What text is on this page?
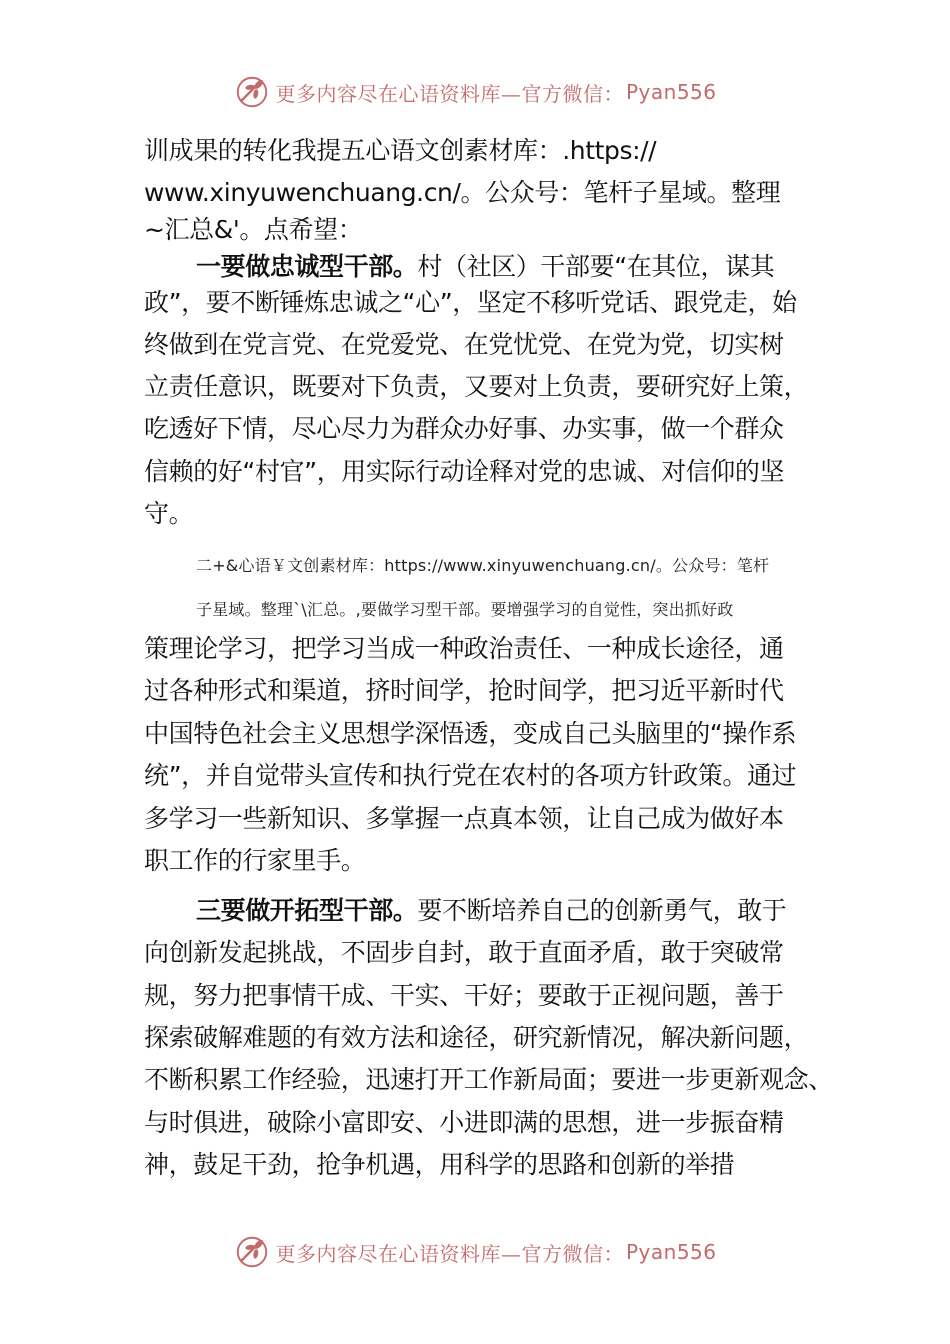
更多内容尽在心语资料库—官方微信： Pyan556

训成果的转化我提五心语文创素材库：.https://

www.xinyuwenchuang.cn/。公众号：笔杆子星域。整理

~汇总&'。点希望：

一要做忠诚型干部。村（社区）干部要“在其位，谋其

政”，要不断锤炼忠诚之“心”，坚定不移听党话、跟党走，始

终做到在党言党、在党爱党、在党忧党、在党为党，切实树

立责任意识，既要对下负责，又要对上负责，要研究好上策，

吃透好下情，尽心尽力为群众办好事、办实事，做一个群众

信赖的好“村官”，用实际行动诠释对党的忠诚、对信仰的坚

守。

二+&心语￥文创素材库：https://www.xinyuwenchuang.cn/。公众号：笔杆

子星域。整理`\汇总。,要做学习型干部。要增强学习的自觉性，突出抓好政

策理论学习，把学习当成一种政治责任、一种成长途径，通

过各种形式和渠道，挤时间学，抢时间学，把习近平新时代

中国特色社会主义思想学深悟透，变成自己头脑里的“操作系

统”，并自觉带头宣传和执行党在农村的各项方针政策。通过

多学习一些新知识、多掌握一点真本领，让自己成为做好本

职工作的行家里手。

三要做开拓型干部。要不断培养自己的创新勇气，敢于

向创新发起挑战，不固步自封，敢于直面矛盾，敢于突破常

规，努力把事情干成、干实、干好；要敢于正视问题，善于

探索破解难题的有效方法和途径，研究新情况，解决新问题，

不断积累工作经验，迅速打开工作新局面；要进一步更新观念、

与时俱进，破除小富即安、小进即满的思想，进一步振奋精

神，鼓足干劲，抢争机遇，用科学的思路和创新的举措

更多内容尽在心语资料库—官方微信： Pyan556
